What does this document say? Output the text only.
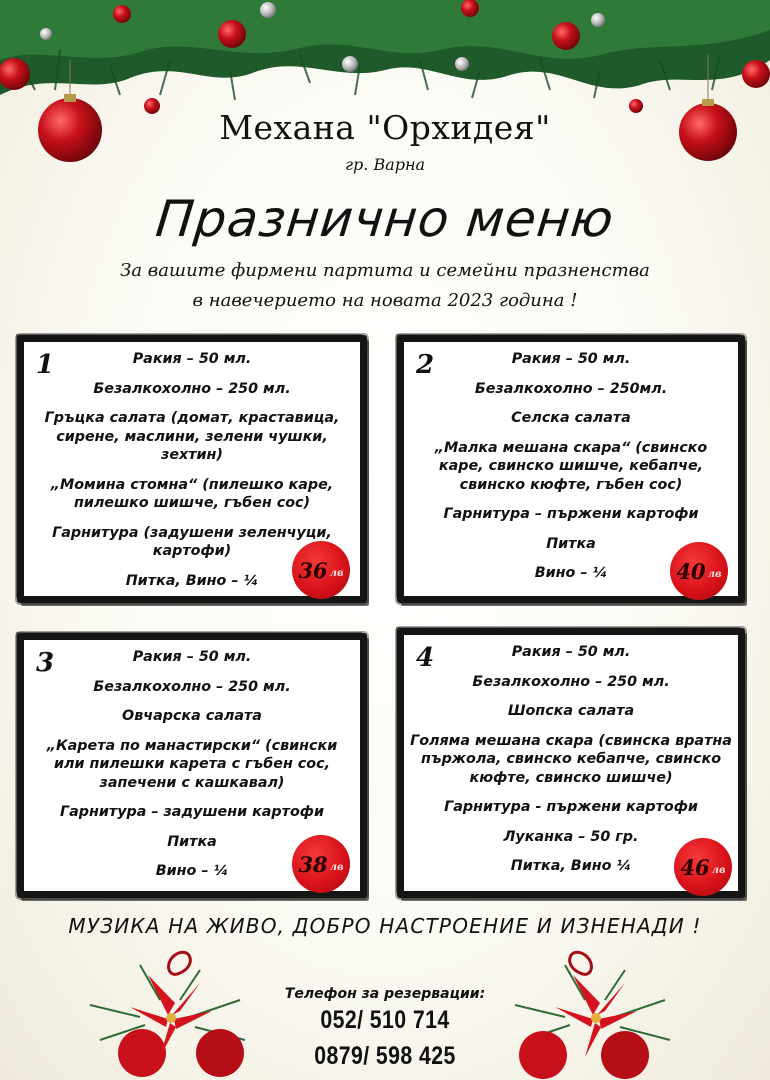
Механа "Орхидея"
гр. Варна
Празнично меню
За вашите фирмени партита и семейни празненства
в навечерието на новата 2023 година !
1	Ракия – 50 мл.
Безалкохолно – 250 мл.
Гръцка салата (домат, краставица, сирене, маслини, зелени чушки, зехтин)
„Момина стомна“ (пилешко каре, пилешко шишче, гъбен сос)
Гарнитура (задушени зеленчуци, картофи)
Питка, Вино – ¼	36 лв
2	Ракия – 50 мл.
Безалкохолно – 250мл.
Селска салата
„Малка мешана скара“ (свинско каре, свинско шишче, кебапче, свинско кюфте, гъбен сос)
Гарнитура – пържени картофи
Питка
Вино – ¼	40 лв
3	Ракия – 50 мл.
Безалкохолно – 250 мл.
Овчарска салата
„Карета по манастирски“ (свински или пилешки карета с гъбен сос, запечени с кашкавал)
Гарнитура – задушени картофи
Питка
Вино – ¼	38 лв
4	Ракия – 50 мл.
Безалкохолно – 250 мл.
Шопска салата
Голяма мешана скара (свинска вратна пържола, свинско кебапче, свинско кюфте, свинско шишче)
Гарнитура - пържени картофи
Луканка – 50 гр.
Питка, Вино ¼	46 лв
МУЗИКА НА ЖИВО, ДОБРО НАСТРОЕНИЕ И ИЗНЕНАДИ !
Телефон за резервации:
052/ 510 714
0879/ 598 425
